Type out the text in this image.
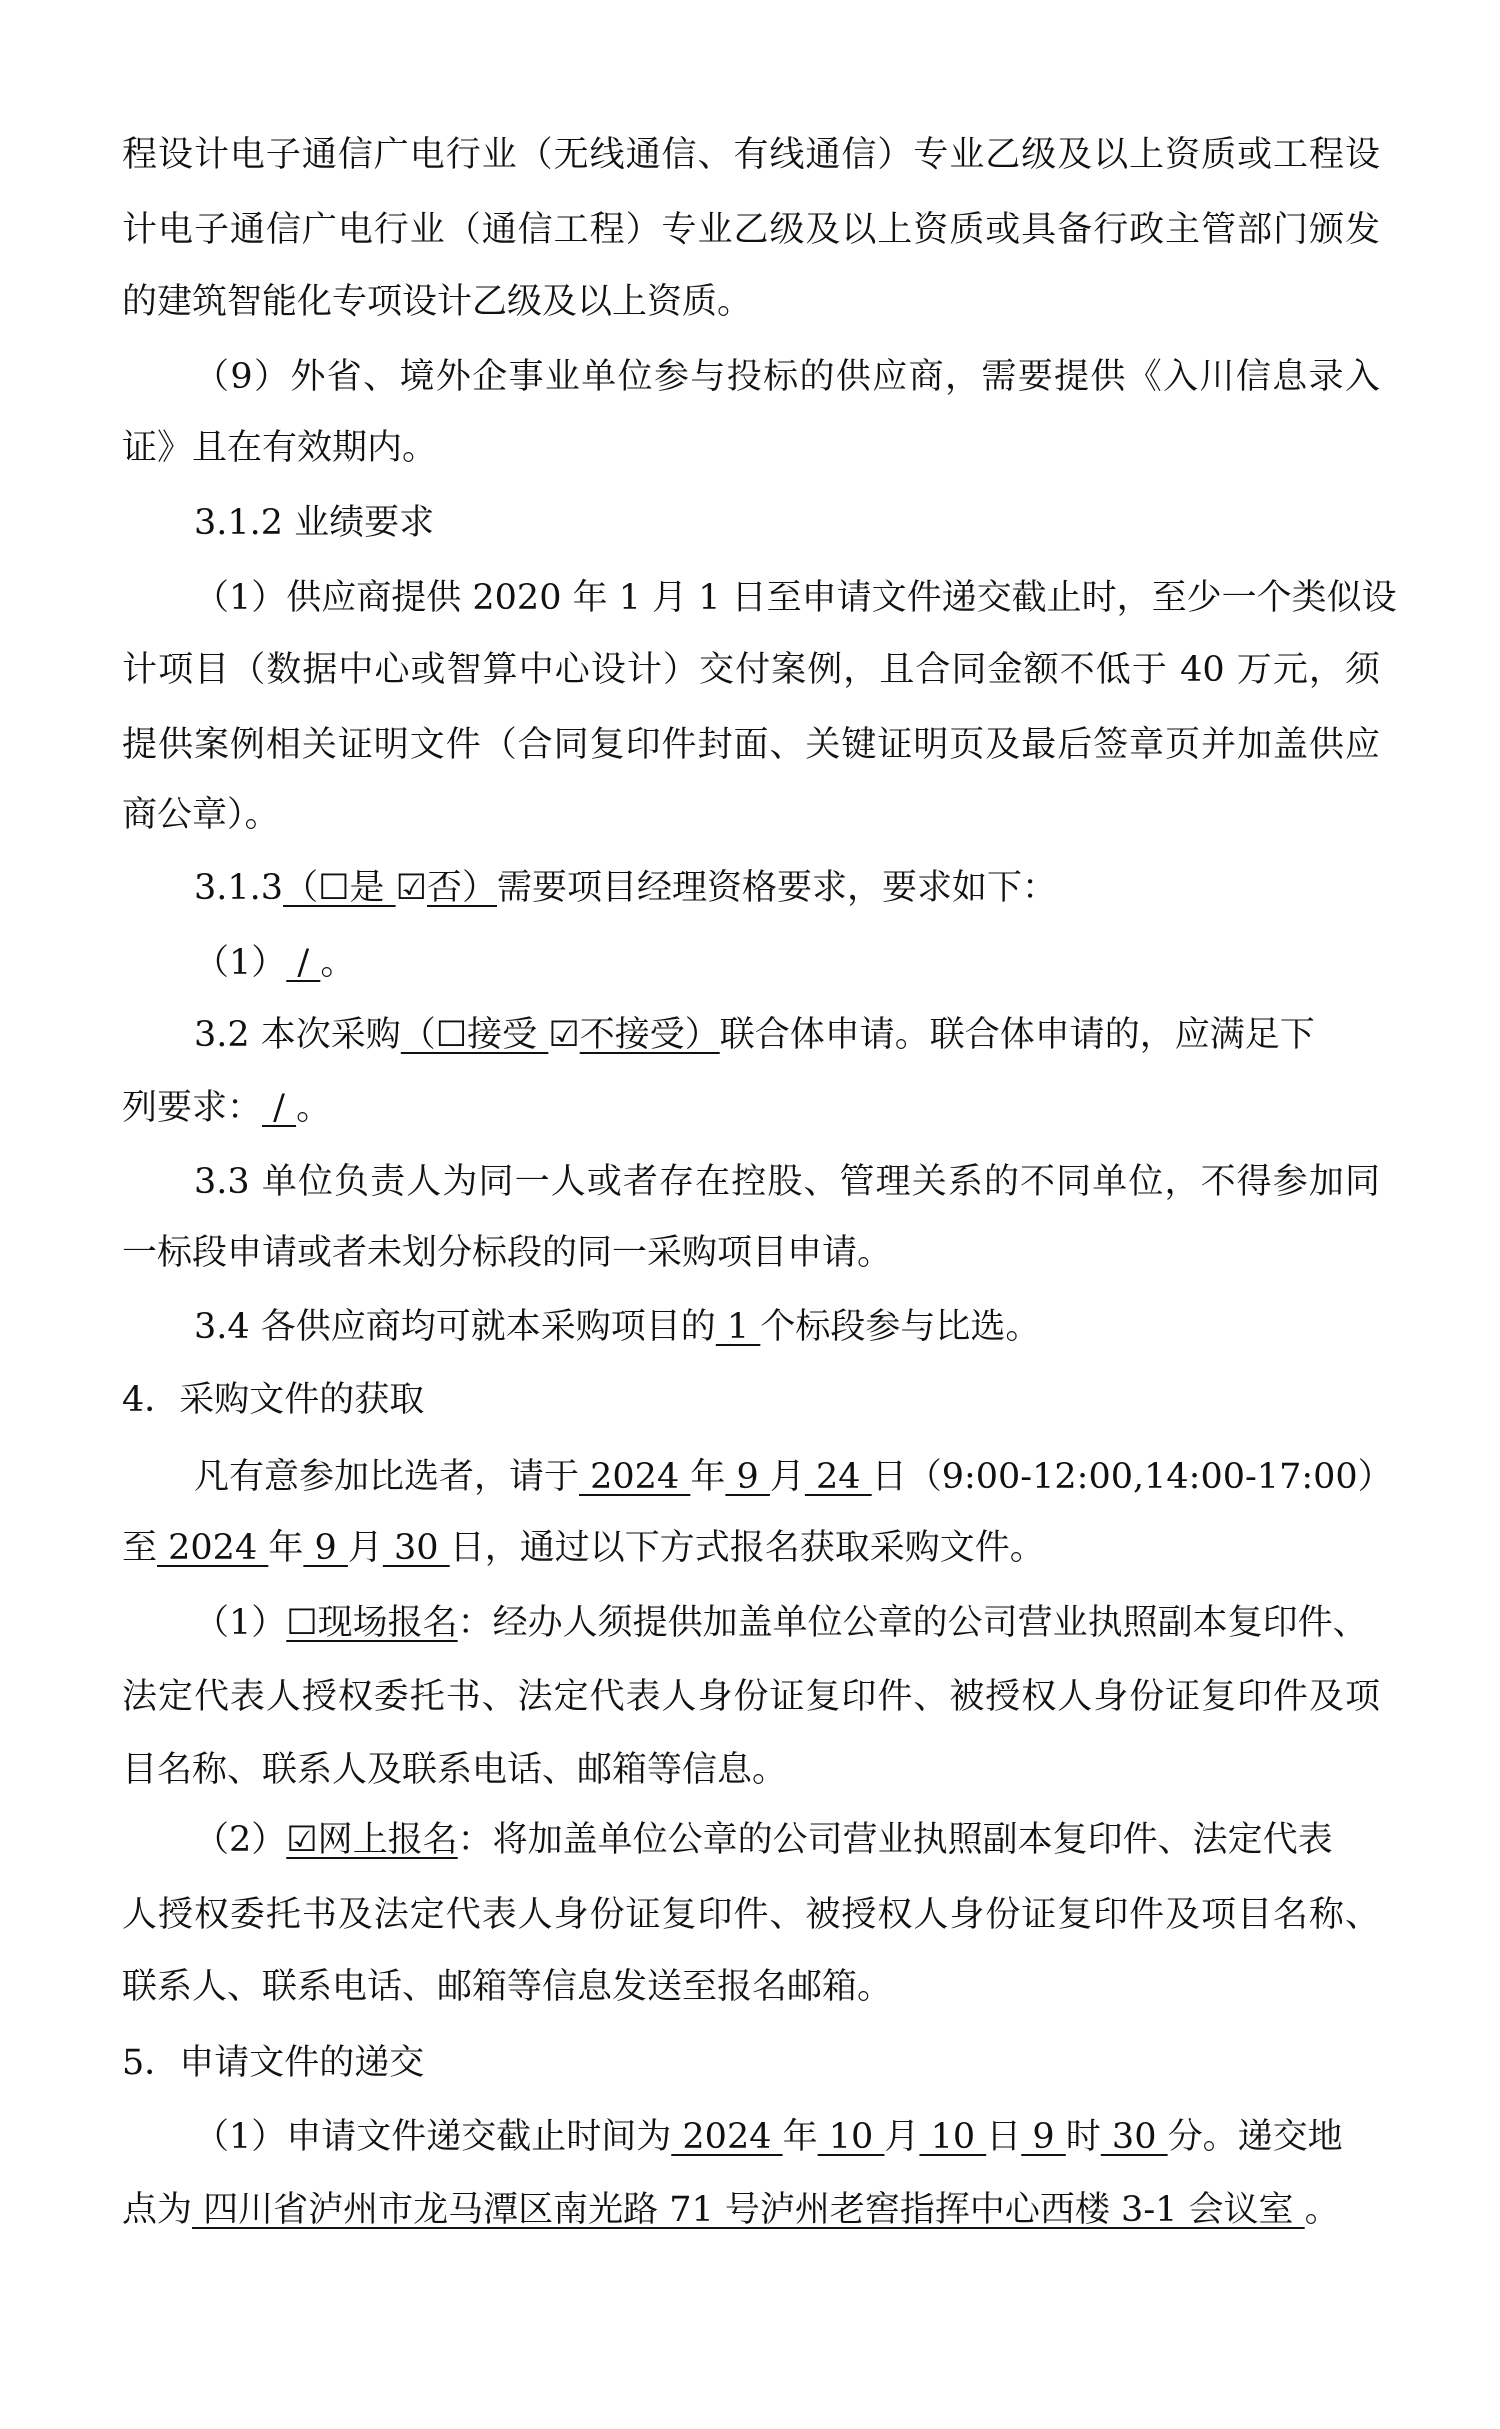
程设计电子通信广电行业（无线通信、有线通信）专业乙级及以上资质或工程设
计电子通信广电行业（通信工程）专业乙级及以上资质或具备行政主管部门颁发
的建筑智能化专项设计乙级及以上资质。
（9）外省、境外企事业单位参与投标的供应商，需要提供《入川信息录入
证》且在有效期内。
3.1.2 业绩要求
（1）供应商提供 2020 年 1 月 1 日至申请文件递交截止时，至少一个类似设
计项目（数据中心或智算中心设计）交付案例，且合同金额不低于 40 万元，须
提供案例相关证明文件（合同复印件封面、关键证明页及最后签章页并加盖供应
商公章）。
3.1.3（☐是 ☑否）需要项目经理资格要求，要求如下：
（1） / 。
3.2 本次采购（☐接受 ☑不接受）联合体申请。联合体申请的，应满足下
列要求： / 。
3.3 单位负责人为同一人或者存在控股、管理关系的不同单位，不得参加同
一标段申请或者未划分标段的同一采购项目申请。
3.4 各供应商均可就本采购项目的 1 个标段参与比选。
4．采购文件的获取
凡有意参加比选者，请于 2024 年 9 月 24 日（9:00-12:00,14:00-17:00）
至 2024 年 9 月 30 日，通过以下方式报名获取采购文件。
（1）☐现场报名：经办人须提供加盖单位公章的公司营业执照副本复印件、
法定代表人授权委托书、法定代表人身份证复印件、被授权人身份证复印件及项
目名称、联系人及联系电话、邮箱等信息。
（2）☑网上报名：将加盖单位公章的公司营业执照副本复印件、法定代表
人授权委托书及法定代表人身份证复印件、被授权人身份证复印件及项目名称、
联系人、联系电话、邮箱等信息发送至报名邮箱。
5．申请文件的递交
（1）申请文件递交截止时间为 2024 年 10 月 10 日 9 时 30 分。递交地
点为 四川省泸州市龙马潭区南光路 71 号泸州老窖指挥中心西楼 3-1 会议室 。
